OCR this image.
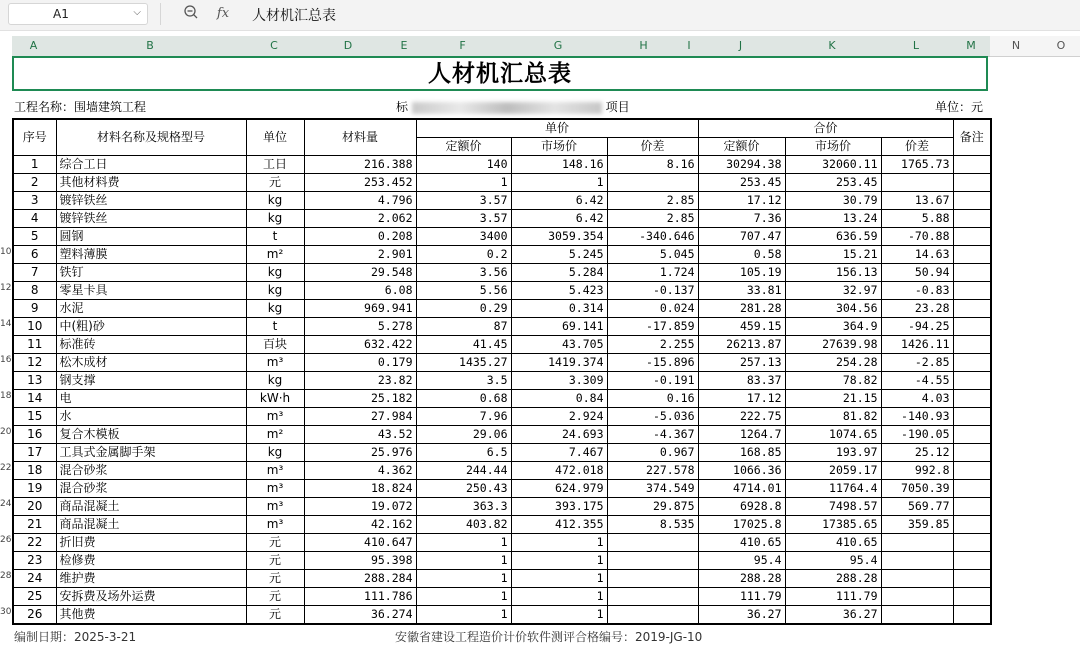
A1	⌵	fx	人材机汇总表
A	B	C	D	E	F	G	H	I	J	K	L	M	N	O
10
12
14
16
18
20
22
24
26
28
30
人材机汇总表
工程名称：围墙建筑工程	标	项目	单位：元
序号	材料名称及规格型号	单位	材料量	单价			合价			备注
				定额价	市场价	价差	定额价	市场价	价差	
1	综合工日	工日	216.388	140	148.16	8.16	30294.38	32060.11	1765.73	
2	其他材料费	元	253.452	1	1		253.45	253.45		
3	镀锌铁丝	kg	4.796	3.57	6.42	2.85	17.12	30.79	13.67	
4	镀锌铁丝	kg	2.062	3.57	6.42	2.85	7.36	13.24	5.88	
5	圆钢	t	0.208	3400	3059.354	-340.646	707.47	636.59	-70.88	
6	塑料薄膜	m²	2.901	0.2	5.245	5.045	0.58	15.21	14.63	
7	铁钉	kg	29.548	3.56	5.284	1.724	105.19	156.13	50.94	
8	零星卡具	kg	6.08	5.56	5.423	-0.137	33.81	32.97	-0.83	
9	水泥	kg	969.941	0.29	0.314	0.024	281.28	304.56	23.28	
10	中(粗)砂	t	5.278	87	69.141	-17.859	459.15	364.9	-94.25	
11	标准砖	百块	632.422	41.45	43.705	2.255	26213.87	27639.98	1426.11	
12	松木成材	m³	0.179	1435.27	1419.374	-15.896	257.13	254.28	-2.85	
13	钢支撑	kg	23.82	3.5	3.309	-0.191	83.37	78.82	-4.55	
14	电	kW·h	25.182	0.68	0.84	0.16	17.12	21.15	4.03	
15	水	m³	27.984	7.96	2.924	-5.036	222.75	81.82	-140.93	
16	复合木模板	m²	43.52	29.06	24.693	-4.367	1264.7	1074.65	-190.05	
17	工具式金属脚手架	kg	25.976	6.5	7.467	0.967	168.85	193.97	25.12	
18	混合砂浆	m³	4.362	244.44	472.018	227.578	1066.36	2059.17	992.8	
19	混合砂浆	m³	18.824	250.43	624.979	374.549	4714.01	11764.4	7050.39	
20	商品混凝土	m³	19.072	363.3	393.175	29.875	6928.8	7498.57	569.77	
21	商品混凝土	m³	42.162	403.82	412.355	8.535	17025.8	17385.65	359.85	
22	折旧费	元	410.647	1	1		410.65	410.65		
23	检修费	元	95.398	1	1		95.4	95.4		
24	维护费	元	288.284	1	1		288.28	288.28		
25	安拆费及场外运费	元	111.786	1	1		111.79	111.79		
26	其他费	元	36.274	1	1		36.27	36.27		
编制日期：2025-3-21	安徽省建设工程造价计价软件测评合格编号：2019-JG-10
